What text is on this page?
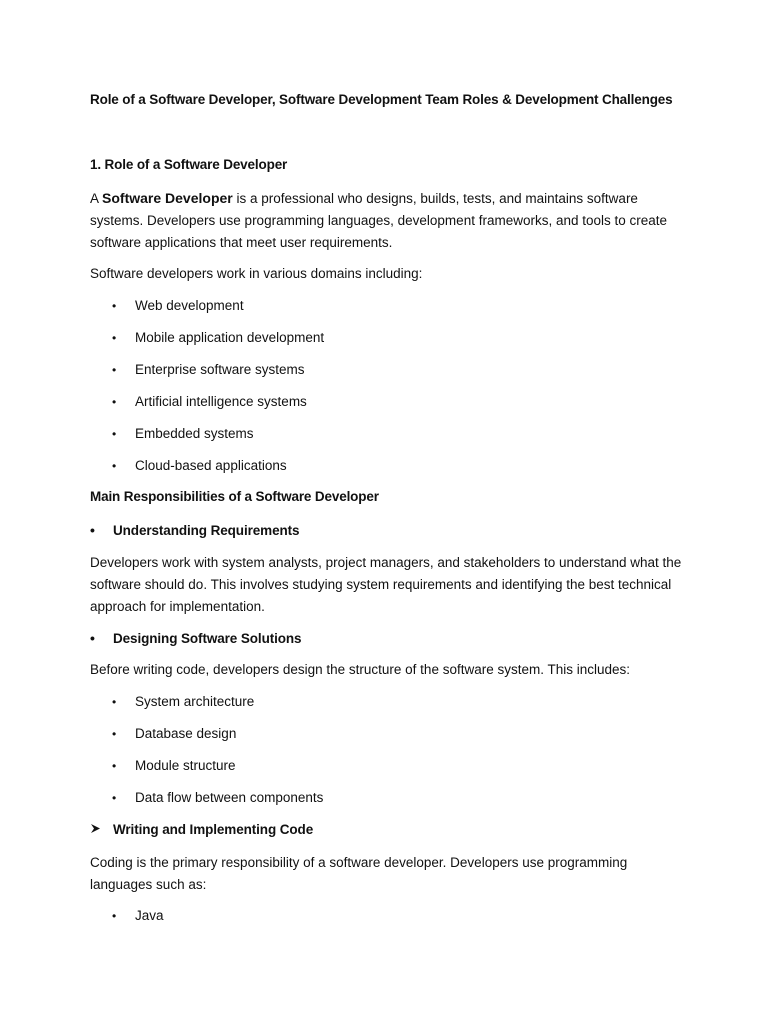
Role of a Software Developer, Software Development Team Roles & Development Challenges
1. Role of a Software Developer
A Software Developer is a professional who designs, builds, tests, and maintains software systems. Developers use programming languages, development frameworks, and tools to create software applications that meet user requirements.
Software developers work in various domains including:
• Web development
• Mobile application development
• Enterprise software systems
• Artificial intelligence systems
• Embedded systems
• Cloud-based applications
Main Responsibilities of a Software Developer
• Understanding Requirements
Developers work with system analysts, project managers, and stakeholders to understand what the software should do. This involves studying system requirements and identifying the best technical approach for implementation.
• Designing Software Solutions
Before writing code, developers design the structure of the software system. This includes:
• System architecture
• Database design
• Module structure
• Data flow between components
Writing and Implementing Code
Coding is the primary responsibility of a software developer. Developers use programming languages such as:
• Java
